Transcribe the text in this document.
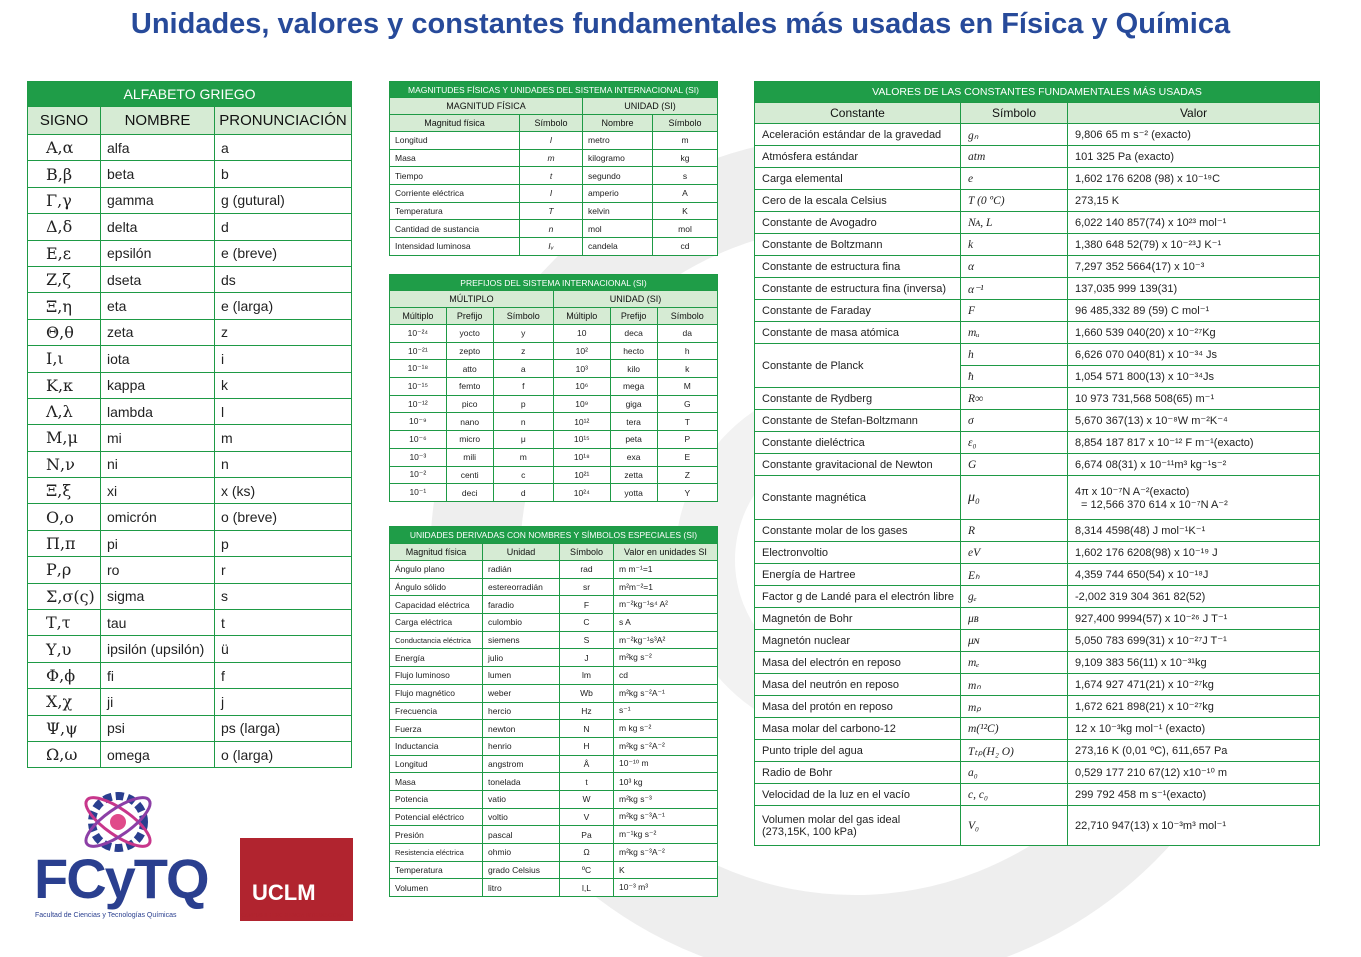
Unidades, valores y constantes fundamentales más usadas en Física y Química
ALFABETO GRIEGO		
SIGNO	NOMBRE	PRONUNCIACIÓN
Α,α	alfa	a
Β,β	beta	b
Γ,γ	gamma	g (gutural)
Δ,δ	delta	d
Ε,ε	epsilón	e (breve)
Ζ,ζ	dseta	ds
Ξ,η	eta	e (larga)
Θ,θ	zeta	z
Ι,ι	iota	i
Κ,κ	kappa	k
Λ,λ	lambda	l
Μ,μ	mi	m
Ν,ν	ni	n
Ξ,ξ	xi	x (ks)
Ο,ο	omicrón	o (breve)
Π,π	pi	p
Ρ,ρ	ro	r
Σ,σ(ς)	sigma	s
Τ,τ	tau	t
Υ,υ	ipsilón (upsilón)	ü
Φ,ϕ	fi	f
Χ,χ	ji	j
Ψ,ψ	psi	ps (larga)
Ω,ω	omega	o (larga)
MAGNITUDES FÍSICAS Y UNIDADES DEL SISTEMA INTERNACIONAL (SI)			
MAGNITUD FÍSICA		UNIDAD (SI)	
Magnitud física	Símbolo	Nombre	Símbolo
Longitud	l	metro	m
Masa	m	kilogramo	kg
Tiempo	t	segundo	s
Corriente eléctrica	I	amperio	A
Temperatura	T	kelvin	K
Cantidad de sustancia	n	mol	mol
Intensidad luminosa	Iᵥ	candela	cd
PREFIJOS DEL SISTEMA INTERNACIONAL (SI)					
MÚLTIPLO			UNIDAD (SI)		
Múltiplo	Prefijo	Símbolo	Múltiplo	Prefijo	Símbolo
10⁻²⁴	yocto	y	10	deca	da
10⁻²¹	zepto	z	10²	hecto	h
10⁻¹⁸	atto	a	10³	kilo	k
10⁻¹⁵	femto	f	10⁶	mega	M
10⁻¹²	pico	p	10⁹	giga	G
10⁻⁹	nano	n	10¹²	tera	T
10⁻⁶	micro	μ	10¹⁵	peta	P
10⁻³	mili	m	10¹⁸	exa	E
10⁻²	centi	c	10²¹	zetta	Z
10⁻¹	deci	d	10²⁴	yotta	Y
UNIDADES DERIVADAS CON NOMBRES Y SÍMBOLOS ESPECIALES (SI)			
Magnitud física	Unidad	Símbolo	Valor en unidades SI
Ángulo plano	radián	rad	m m⁻¹=1
Ángulo sólido	estereorradián	sr	m²m⁻²=1
Capacidad eléctrica	faradio	F	m⁻²kg⁻¹s⁴ A²
Carga eléctrica	culombio	C	s A
Conductancia eléctrica	siemens	S	m⁻²kg⁻¹s³A²
Energía	julio	J	m²kg s⁻²
Flujo luminoso	lumen	lm	cd
Flujo magnético	weber	Wb	m²kg s⁻²A⁻¹
Frecuencia	hercio	Hz	s⁻¹
Fuerza	newton	N	m kg s⁻²
Inductancia	henrio	H	m²kg s⁻²A⁻²
Longitud	angstrom	Å	10⁻¹⁰ m
Masa	tonelada	t	10³ kg
Potencia	vatio	W	m²kg s⁻³
Potencial eléctrico	voltio	V	m²kg s⁻³A⁻¹
Presión	pascal	Pa	m⁻¹kg s⁻²
Resistencia eléctrica	ohmio	Ω	m²kg s⁻³A⁻²
Temperatura	grado Celsius	ºC	K
Volumen	litro	l,L	10⁻³ m³
VALORES DE LAS CONSTANTES FUNDAMENTALES MÁS USADAS		
Constante	Símbolo	Valor
Aceleración estándar de la gravedad	gₙ	9,806 65 m s⁻² (exacto)
Atmósfera estándar	atm	101 325 Pa (exacto)
Carga elemental	e	1,602 176 6208 (98) x 10⁻¹⁹C
Cero de la escala Celsius	T (0 ºC)	273,15 K
Constante de Avogadro	Nᴀ, L	6,022 140 857(74) x 10²³ mol⁻¹
Constante de Boltzmann	k	1,380 648 52(79) x 10⁻²³J K⁻¹
Constante de estructura fina	α	7,297 352 5664(17) x 10⁻³
Constante de estructura fina (inversa)	α⁻¹	137,035 999 139(31)
Constante de Faraday	F	96 485,332 89 (59) C mol⁻¹
Constante de masa atómica	mᵤ	1,660 539 040(20) x 10⁻²⁷Kg
Constante de Planck	h	6,626 070 040(81) x 10⁻³⁴ Js
	ħ	1,054 571 800(13) x 10⁻³⁴Js
Constante de Rydberg	R∞	10 973 731,568 508(65) m⁻¹
Constante de Stefan-Boltzmann	σ	5,670 367(13) x 10⁻⁸W m⁻²K⁻⁴
Constante dieléctrica	ε₀	8,854 187 817 x 10⁻¹² F m⁻¹(exacto)
Constante gravitacional de Newton	G	6,674 08(31) x 10⁻¹¹m³ kg⁻¹s⁻²
Constante magnética	μ₀	4π x 10⁻⁷N A⁻²(exacto)
= 12,566 370 614 x 10⁻⁷N A⁻²

Constante molar de los gases	R	8,314 4598(48) J mol⁻¹K⁻¹
Electronvoltio	eV	1,602 176 6208(98) x 10⁻¹⁹ J
Energía de Hartree	Eₕ	4,359 744 650(54) x 10⁻¹⁸J
Factor g de Landé para el electrón libre	gₑ	-2,002 319 304 361 82(52)
Magnetón de Bohr	μʙ	927,400 9994(57) x 10⁻²⁶ J T⁻¹
Magnetón nuclear	μɴ	5,050 783 699(31) x 10⁻²⁷J T⁻¹
Masa del electrón en reposo	mₑ	9,109 383 56(11) x 10⁻³¹kg
Masa del neutrón en reposo	mₙ	1,674 927 471(21) x 10⁻²⁷kg
Masa del protón en reposo	mₚ	1,672 621 898(21) x 10⁻²⁷kg
Masa molar del carbono-12	m(¹²C)	12 x 10⁻³kg mol⁻¹ (exacto)
Punto triple del agua	Tₜₚ(H₂ O)	273,16 K (0,01 ºC), 611,657 Pa
Radio de Bohr	a₀	0,529 177 210 67(12) x10⁻¹⁰ m
Velocidad de la luz en el vacío	c, c₀	299 792 458 m s⁻¹(exacto)

Volumen molar del gas ideal
(273,15K, 100 kPa)	V₀	22,710 947(13) x 10⁻³m³ mol⁻¹
FCyTQ
Facultad de Ciencias y Tecnologías Químicas
UCLM
CAMPUS DE EXCELENCIA INTERNACIONAL
